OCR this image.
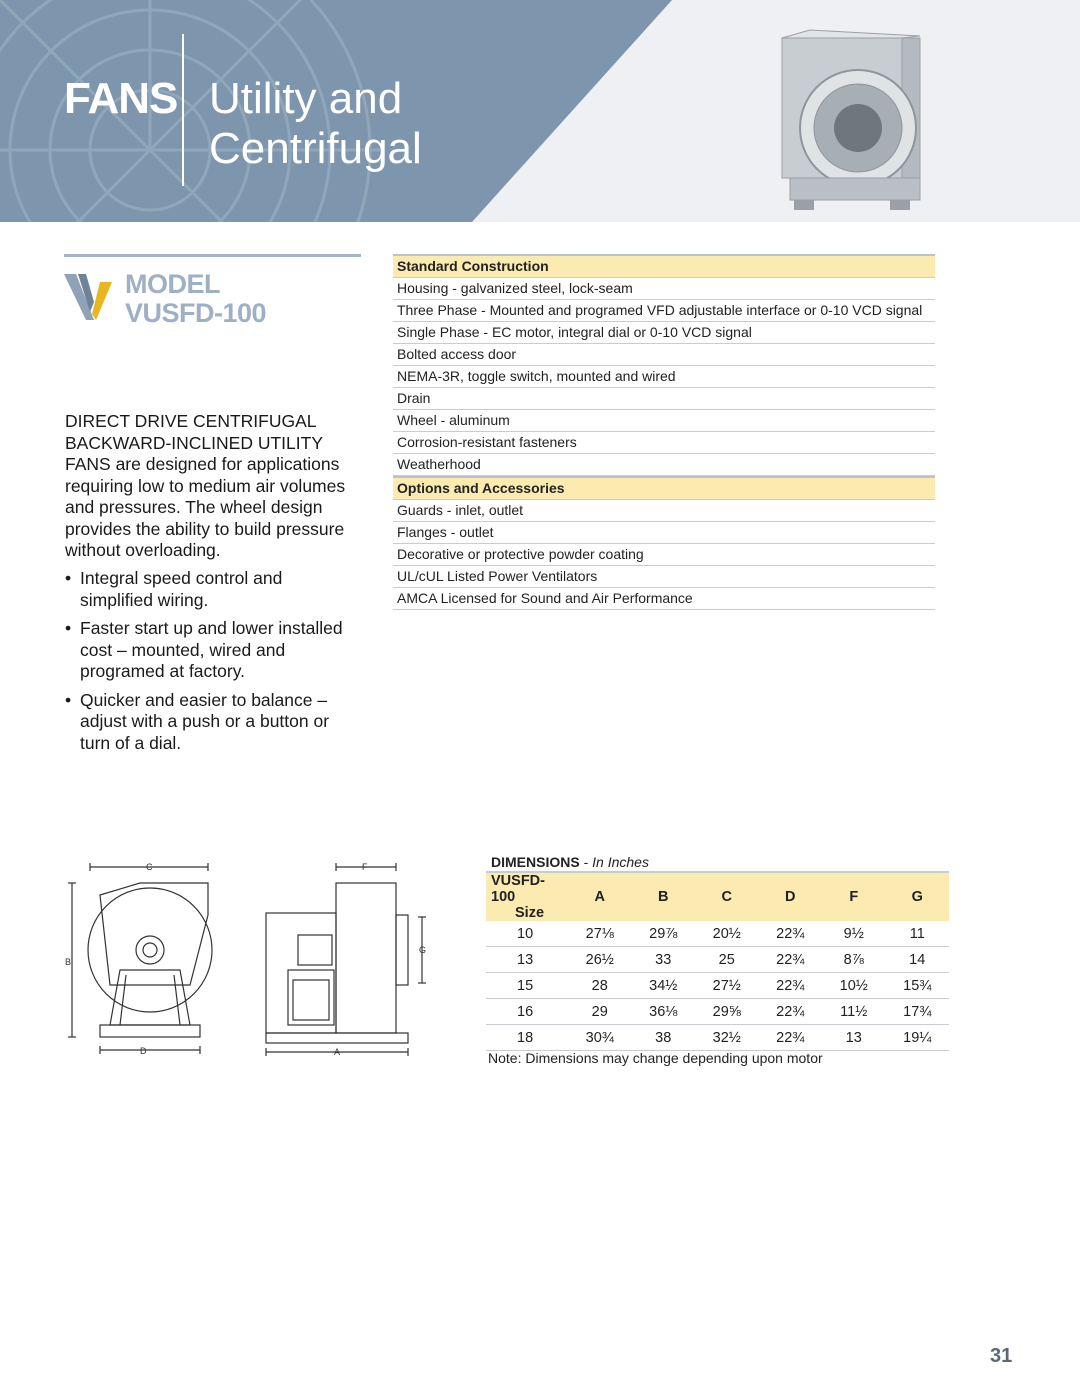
FANS Utility and
Centrifugal
MODEL
VUSFD-100

DIRECT DRIVE CENTRIFUGAL BACKWARD-INCLINED UTILITY FANS are designed for applications requiring low to medium air volumes and pressures. The wheel design provides the ability to build pressure without overloading.

• Integral speed control and simplified wiring.
• Faster start up and lower installed cost – mounted, wired and programed at factory.
• Quicker and easier to balance – adjust with a push or a button or turn of a dial.
Standard Construction
Housing - galvanized steel, lock-seam
Three Phase - Mounted and programed VFD adjustable interface or 0-10 VCD signal
Single Phase - EC motor, integral dial or 0-10 VCD signal
Bolted access door
NEMA-3R, toggle switch, mounted and wired
Drain
Wheel - aluminum
Corrosion-resistant fasteners
Weatherhood
Options and Accessories
Guards - inlet, outlet
Flanges - outlet
Decorative or protective powder coating
UL/cUL Listed Power Ventilators
AMCA Licensed for Sound and Air Performance
C
B
D
F
G
A
DIMENSIONS - In Inches
VUSFD-100
Size	A	B	C	D	F	G
10	27⅛	29⅞	20½	22¾	9½	11
13	26½	33	25	22¾	8⅞	14
15	28	34½	27½	22¾	10½	15¾
16	29	36⅛	29⅝	22¾	11½	17¾
18	30¾	38	32½	22¾	13	19¼
Note: Dimensions may change depending upon motor
31
